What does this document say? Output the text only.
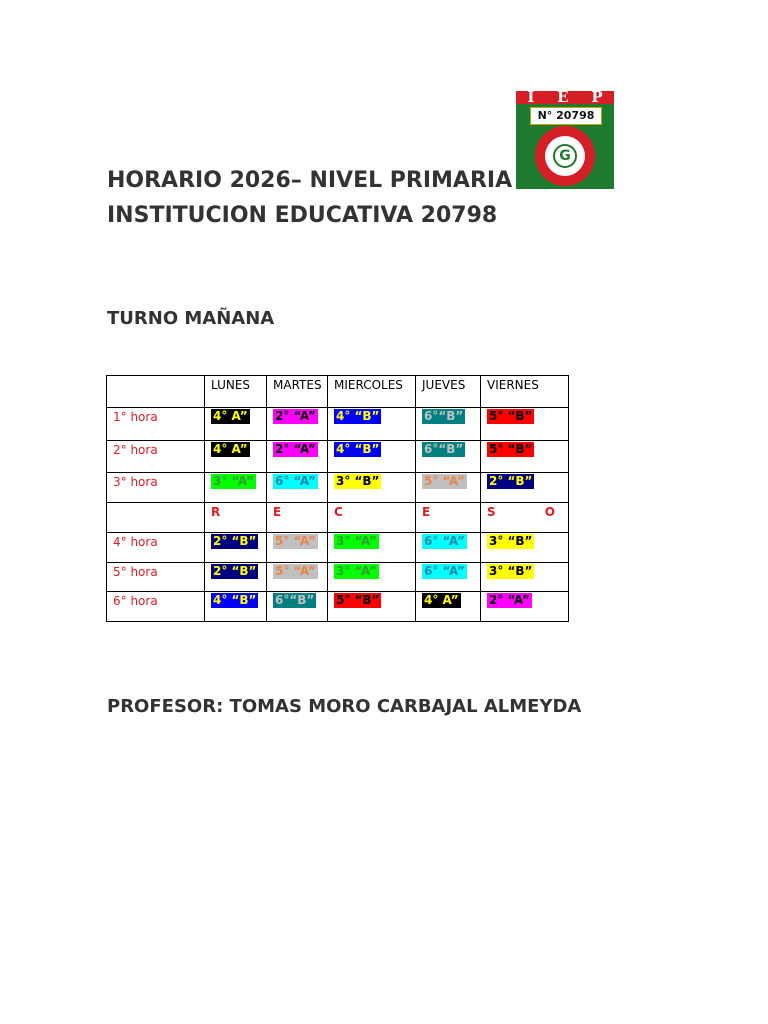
I E P
N° 20798
G
HORARIO 2026– NIVEL PRIMARIA
INSTITUCION EDUCATIVA 20798
TURNO MAÑANA
	LUNES	MARTES	MIERCOLES	JUEVES	VIERNES
1° hora	4° A”	2° “A”	4° “B”	6°“B”	5° “B”
2° hora	4° A”	2° “A”	4° “B”	6°“B”	5° “B”
3° hora	3° “A”	6° “A”	3° “B”	5° “A”	2° “B”
	R	E	C	E	S O

4° hora	2° “B”	5° “A”	3° “A”	6° “A”	3° “B”
5° hora	2° “B”	5° “A”	3° “A”	6° “A”	3° “B”
6° hora	4° “B”	6°“B”	5° “B”	4° A”	2° “A”
PROFESOR: TOMAS MORO CARBAJAL ALMEYDA
